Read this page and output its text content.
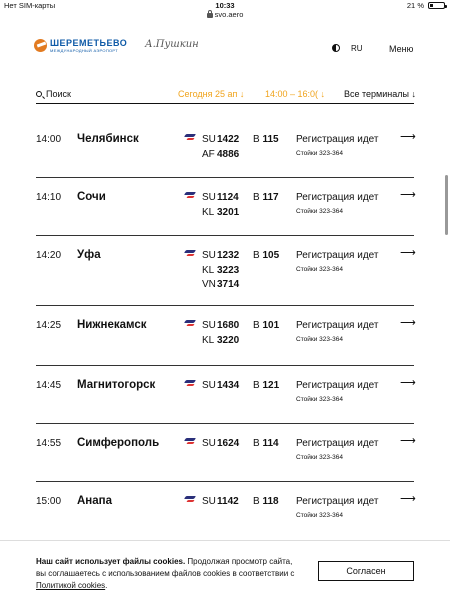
Нет SIM-карты	10:33	21 %
svo.aero
ШЕРЕМЕТЬЕВО
МЕЖДУНАРОДНЫЙ АЭРОПОРТ
А.Пушкин	RU	Меню
Поиск	Сегодня 25 ап ↓ 14:00 – 16:0( ↓ Все терминалы ↓
14:00 Челябинск	SU1422
AF 4886
B 115 Регистрация идет
Стойки 323-364
⟶
14:10 Сочи	SU1124
KL 3201
B 117 Регистрация идет
Стойки 323-364
⟶
14:20 Уфа	SU1232
KL 3223
VN3714
B 105 Регистрация идет
Стойки 323-364
⟶
14:25 Нижнекамск	SU1680
KL 3220
B 101 Регистрация идет
Стойки 323-364
⟶
14:45 Магнитогорск	SU1434 B 121 Регистрация идет
Стойки 323-364
⟶
14:55 Симферополь	SU1624 B 114 Регистрация идет
Стойки 323-364
⟶
15:00 Анапа	SU1142 B 118 Регистрация идет
Стойки 323-364
⟶
Наш сайт использует файлы cookies. Продолжая просмотр сайта, вы соглашаетесь с использованием файлов cookies в соответствии с Политикой cookies.
Согласен
